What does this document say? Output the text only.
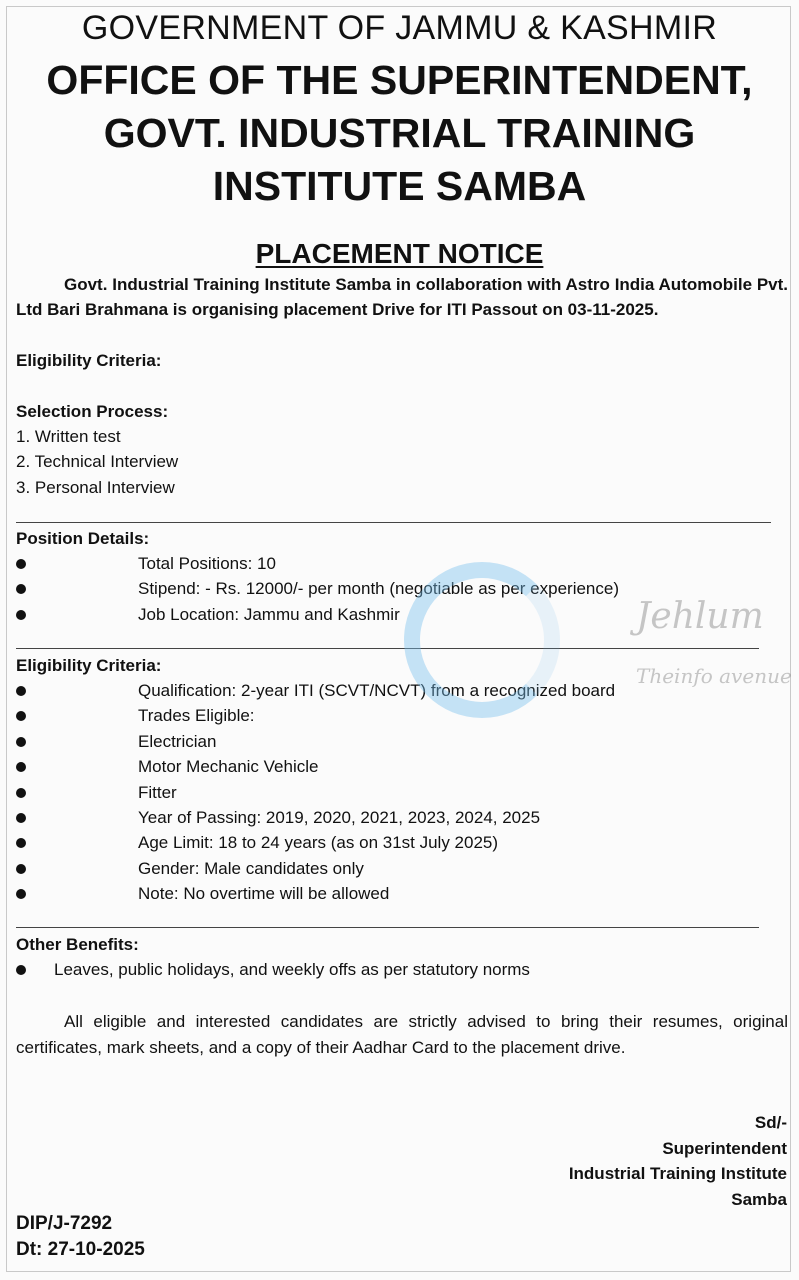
GOVERNMENT OF JAMMU & KASHMIR
OFFICE OF THE SUPERINTENDENT,
GOVT. INDUSTRIAL TRAINING
INSTITUTE SAMBA
PLACEMENT NOTICE
Govt. Industrial Training Institute Samba in collaboration with Astro India Automobile Pvt. Ltd Bari Brahmana is organising placement Drive for ITI Passout on 03-11-2025.
Eligibility Criteria:
Selection Process:
1. Written test
2. Technical Interview
3. Personal Interview
Position Details:
Total Positions: 10
Stipend: - Rs. 12000/- per month (negotiable as per experience)
Job Location: Jammu and Kashmir
Eligibility Criteria:
Qualification: 2-year ITI (SCVT/NCVT) from a recognized board
Trades Eligible:
Electrician
Motor Mechanic Vehicle
Fitter
Year of Passing: 2019, 2020, 2021, 2023, 2024, 2025
Age Limit: 18 to 24 years (as on 31st July 2025)
Gender: Male candidates only
Note: No overtime will be allowed
Other Benefits:
Leaves, public holidays, and weekly offs as per statutory norms
All eligible and interested candidates are strictly advised to bring their resumes, original certificates, mark sheets, and a copy of their Aadhar Card to the placement drive.
Sd/-
Superintendent
Industrial Training Institute
Samba
DIP/J-7292
Dt: 27-10-2025
Jehlum
Theinfo avenue
